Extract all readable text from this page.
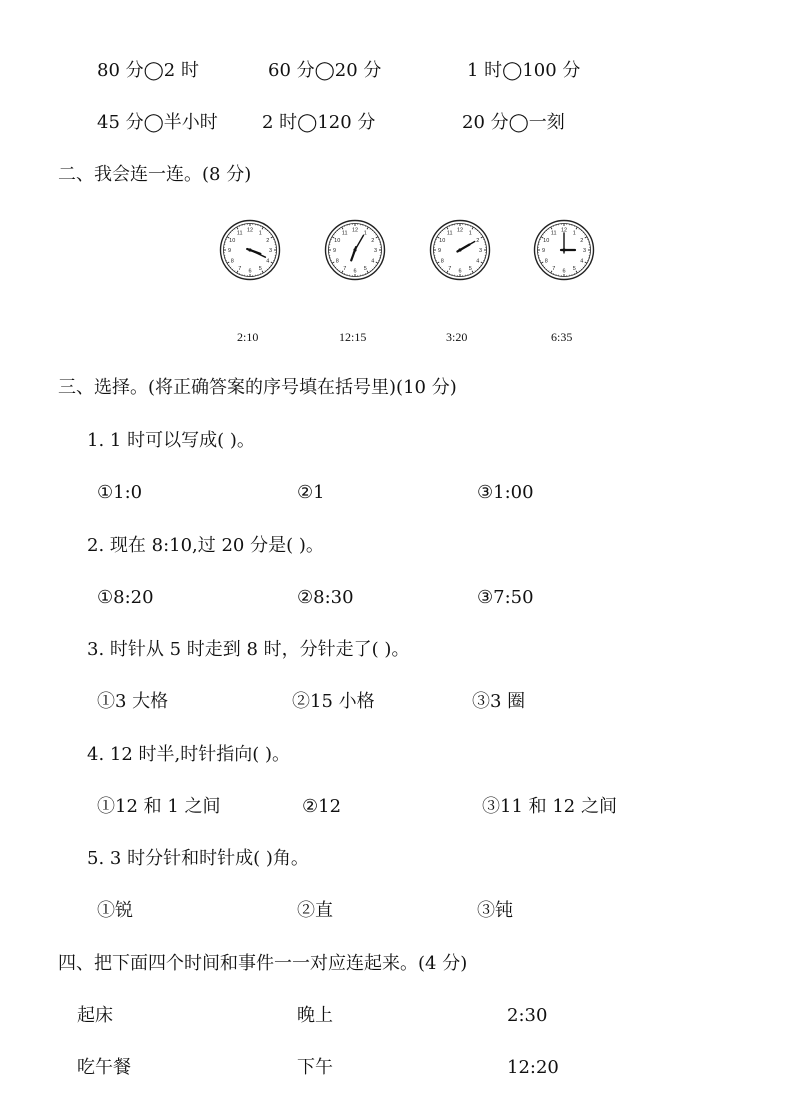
80 分◯2 时	60 分◯20 分	1 时◯100 分
45 分◯半小时 2 时◯120 分	20 分◯一刻
二、我会连一连。(8 分)
1
2
3
4
5
6
7
8
9
10
11 12	1
2
3
4
5
6
7
8
9
10
11 12	1
2
3
4
5
6
7
8
9
10
11 12	1
2
3
4
5
6
7
8
9
10
11 12
2:10	12:15	3:20	6:35
三、选择。(将正确答案的序号填在括号里)(10 分)
1. 1 时可以写成( )。
①1:0	②1	③1:00
2. 现在 8:10,过 20 分是( )。
①8:20	②8:30	③7:50
3. 时针从 5 时走到 8 时，分针走了( )。
①3 大格	②15 小格	③3 圈
4. 12 时半,时针指向( )。
①12 和 1 之间	②12	③11 和 12 之间
5. 3 时分针和时针成( )角。
①锐	②直	③钝
四、把下面四个时间和事件一一对应连起来。(4 分)
起床	晚上	2:30
吃午餐	下午	12:20
